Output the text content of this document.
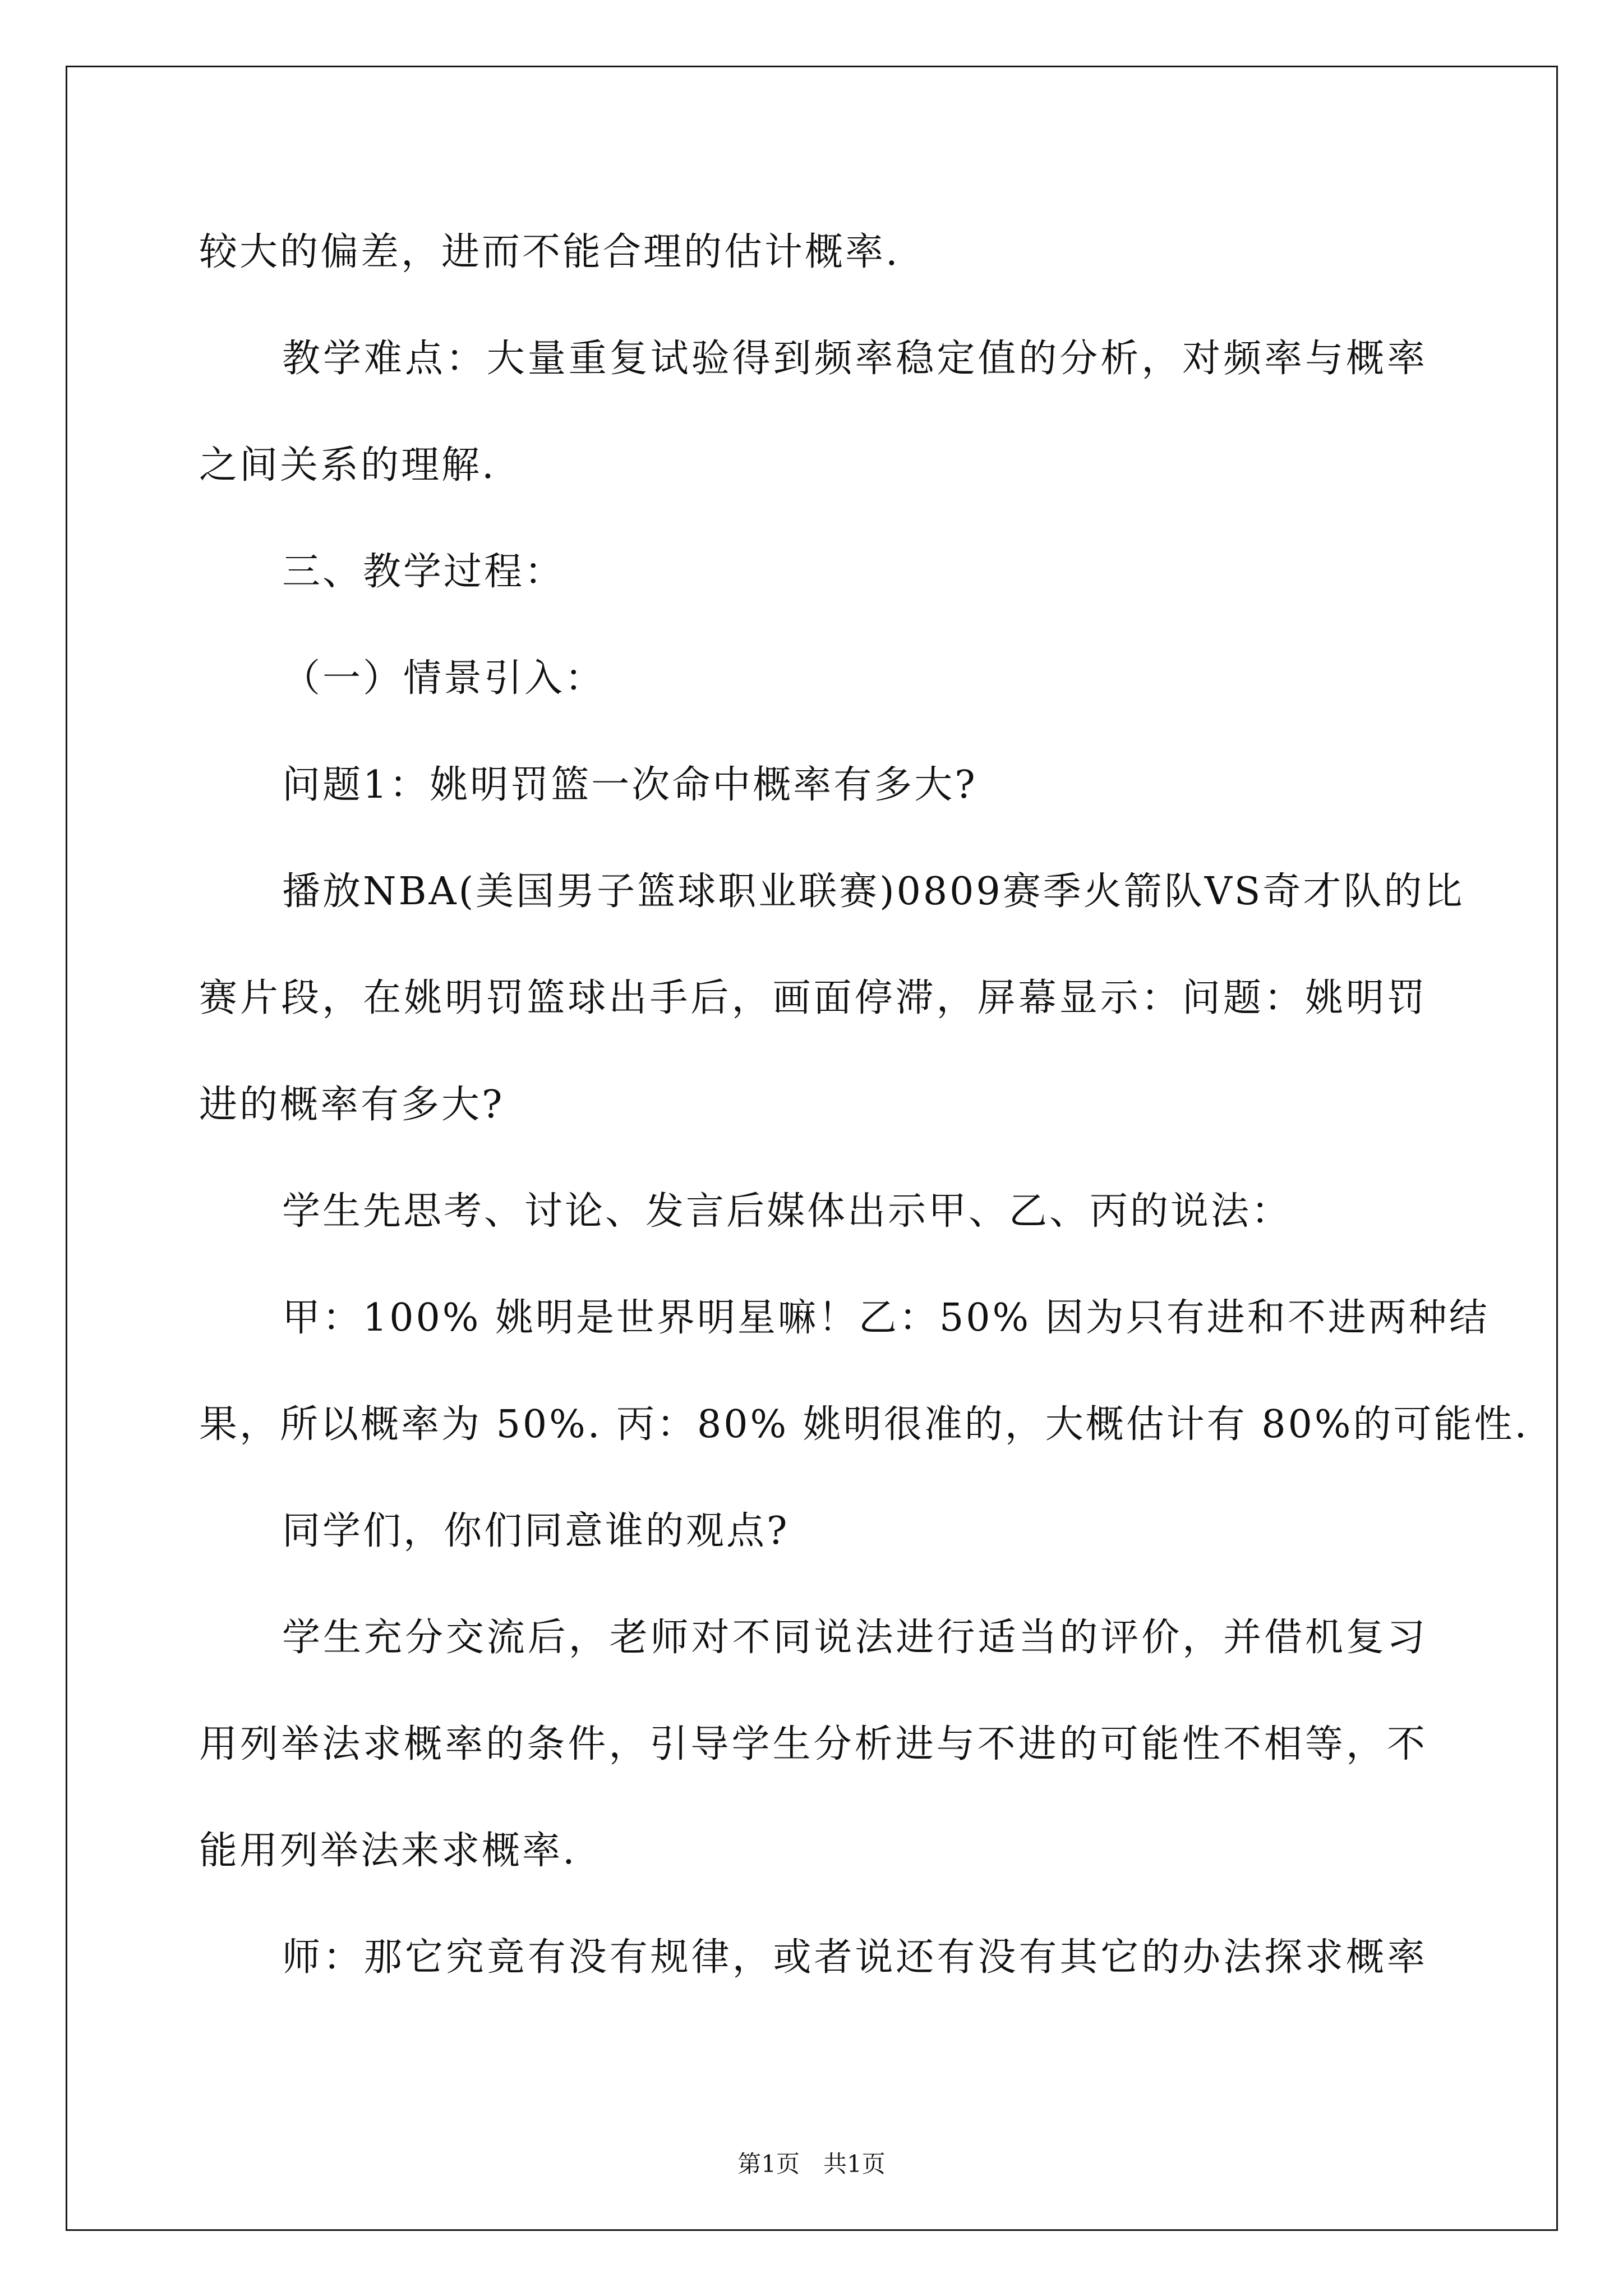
较大的偏差，进而不能合理的估计概率.
教学难点：大量重复试验得到频率稳定值的分析，对频率与概率
之间关系的理解.
三、教学过程：
（一）情景引入：
问题1：姚明罚篮一次命中概率有多大?
播放NBA(美国男子篮球职业联赛)0809赛季火箭队VS奇才队的比
赛片段，在姚明罚篮球出手后，画面停滞，屏幕显示：问题：姚明罚
进的概率有多大?
学生先思考、讨论、发言后媒体出示甲、乙、丙的说法：
甲：100% 姚明是世界明星嘛！乙：50% 因为只有进和不进两种结
果，所以概率为 50%. 丙：80% 姚明很准的，大概估计有 80%的可能性.
同学们，你们同意谁的观点?
学生充分交流后，老师对不同说法进行适当的评价，并借机复习
用列举法求概率的条件，引导学生分析进与不进的可能性不相等，不
能用列举法来求概率.
师：那它究竟有没有规律，或者说还有没有其它的办法探求概率
第1页　共1页
